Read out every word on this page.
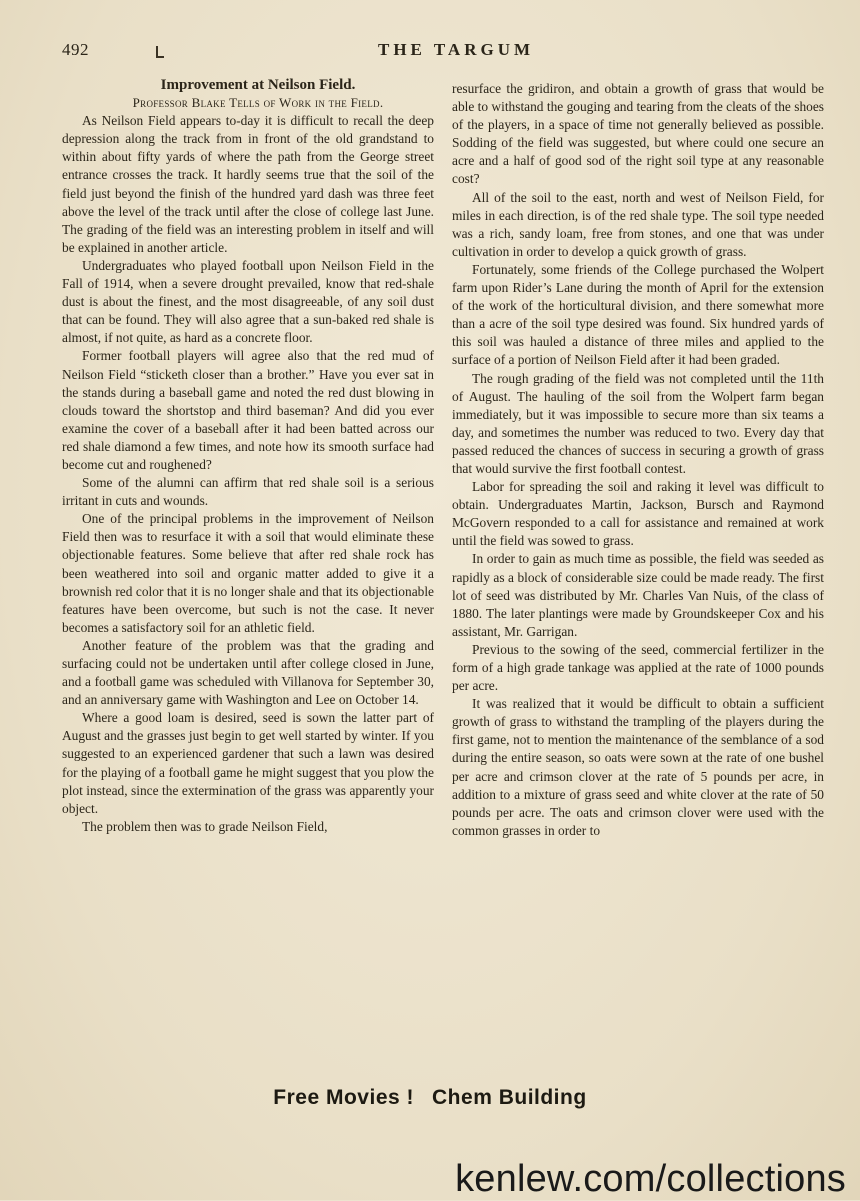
492	THE TARGUM

Improvement at Neilson Field.

Professor Blake Tells of Work in the Field.

As Neilson Field appears to-day it is difficult to recall the deep depression along the track from in front of the old grandstand to within about fifty yards of where the path from the George street entrance crosses the track. It hardly seems true that the soil of the field just beyond the finish of the hundred yard dash was three feet above the level of the track until after the close of college last June. The grading of the field was an interesting problem in itself and will be explained in another article.

Undergraduates who played football upon Neilson Field in the Fall of 1914, when a severe drought prevailed, know that red-shale dust is about the finest, and the most disagreeable, of any soil dust that can be found. They will also agree that a sun-baked red shale is almost, if not quite, as hard as a concrete floor.

Former football players will agree also that the red mud of Neilson Field “sticketh closer than a brother.” Have you ever sat in the stands during a baseball game and noted the red dust blowing in clouds toward the shortstop and third baseman? And did you ever examine the cover of a baseball after it had been batted across our red shale diamond a few times, and note how its smooth surface had become cut and roughened?

Some of the alumni can affirm that red shale soil is a serious irritant in cuts and wounds.

One of the principal problems in the improvement of Neilson Field then was to resurface it with a soil that would eliminate these objectionable features. Some believe that after red shale rock has been weathered into soil and organic matter added to give it a brownish red color that it is no longer shale and that its objectionable features have been overcome, but such is not the case. It never becomes a satisfactory soil for an athletic field.

Another feature of the problem was that the grading and surfacing could not be undertaken until after college closed in June, and a football game was scheduled with Villanova for September 30, and an anniversary game with Washington and Lee on October 14.

Where a good loam is desired, seed is sown the latter part of August and the grasses just begin to get well started by winter. If you suggested to an experienced gardener that such a lawn was desired for the playing of a football game he might suggest that you plow the plot instead, since the extermination of the grass was apparently your object.

The problem then was to grade Neilson Field,

resurface the gridiron, and obtain a growth of grass that would be able to withstand the gouging and tearing from the cleats of the shoes of the players, in a space of time not generally believed as possible. Sodding of the field was suggested, but where could one secure an acre and a half of good sod of the right soil type at any reasonable cost?

All of the soil to the east, north and west of Neilson Field, for miles in each direction, is of the red shale type. The soil type needed was a rich, sandy loam, free from stones, and one that was under cultivation in order to develop a quick growth of grass.

Fortunately, some friends of the College purchased the Wolpert farm upon Rider’s Lane during the month of April for the extension of the work of the horticultural division, and there somewhat more than a acre of the soil type desired was found. Six hundred yards of this soil was hauled a distance of three miles and applied to the surface of a portion of Neilson Field after it had been graded.

The rough grading of the field was not completed until the 11th of August. The hauling of the soil from the Wolpert farm began immediately, but it was impossible to secure more than six teams a day, and sometimes the number was reduced to two. Every day that passed reduced the chances of success in securing a growth of grass that would survive the first football contest.

Labor for spreading the soil and raking it level was difficult to obtain. Undergraduates Martin, Jackson, Bursch and Raymond McGovern responded to a call for assistance and remained at work until the field was sowed to grass.

In order to gain as much time as possible, the field was seeded as rapidly as a block of considerable size could be made ready. The first lot of seed was distributed by Mr. Charles Van Nuis, of the class of 1880. The later plantings were made by Groundskeeper Cox and his assistant, Mr. Garrigan.

Previous to the sowing of the seed, commercial fertilizer in the form of a high grade tankage was applied at the rate of 1000 pounds per acre.

It was realized that it would be difficult to obtain a sufficient growth of grass to withstand the trampling of the players during the first game, not to mention the maintenance of the semblance of a sod during the entire season, so oats were sown at the rate of one bushel per acre and crimson clover at the rate of 5 pounds per acre, in addition to a mixture of grass seed and white clover at the rate of 50 pounds per acre. The oats and crimson clover were used with the common grasses in order to

Free Movies ! Chem Building
kenlew.com/collections
